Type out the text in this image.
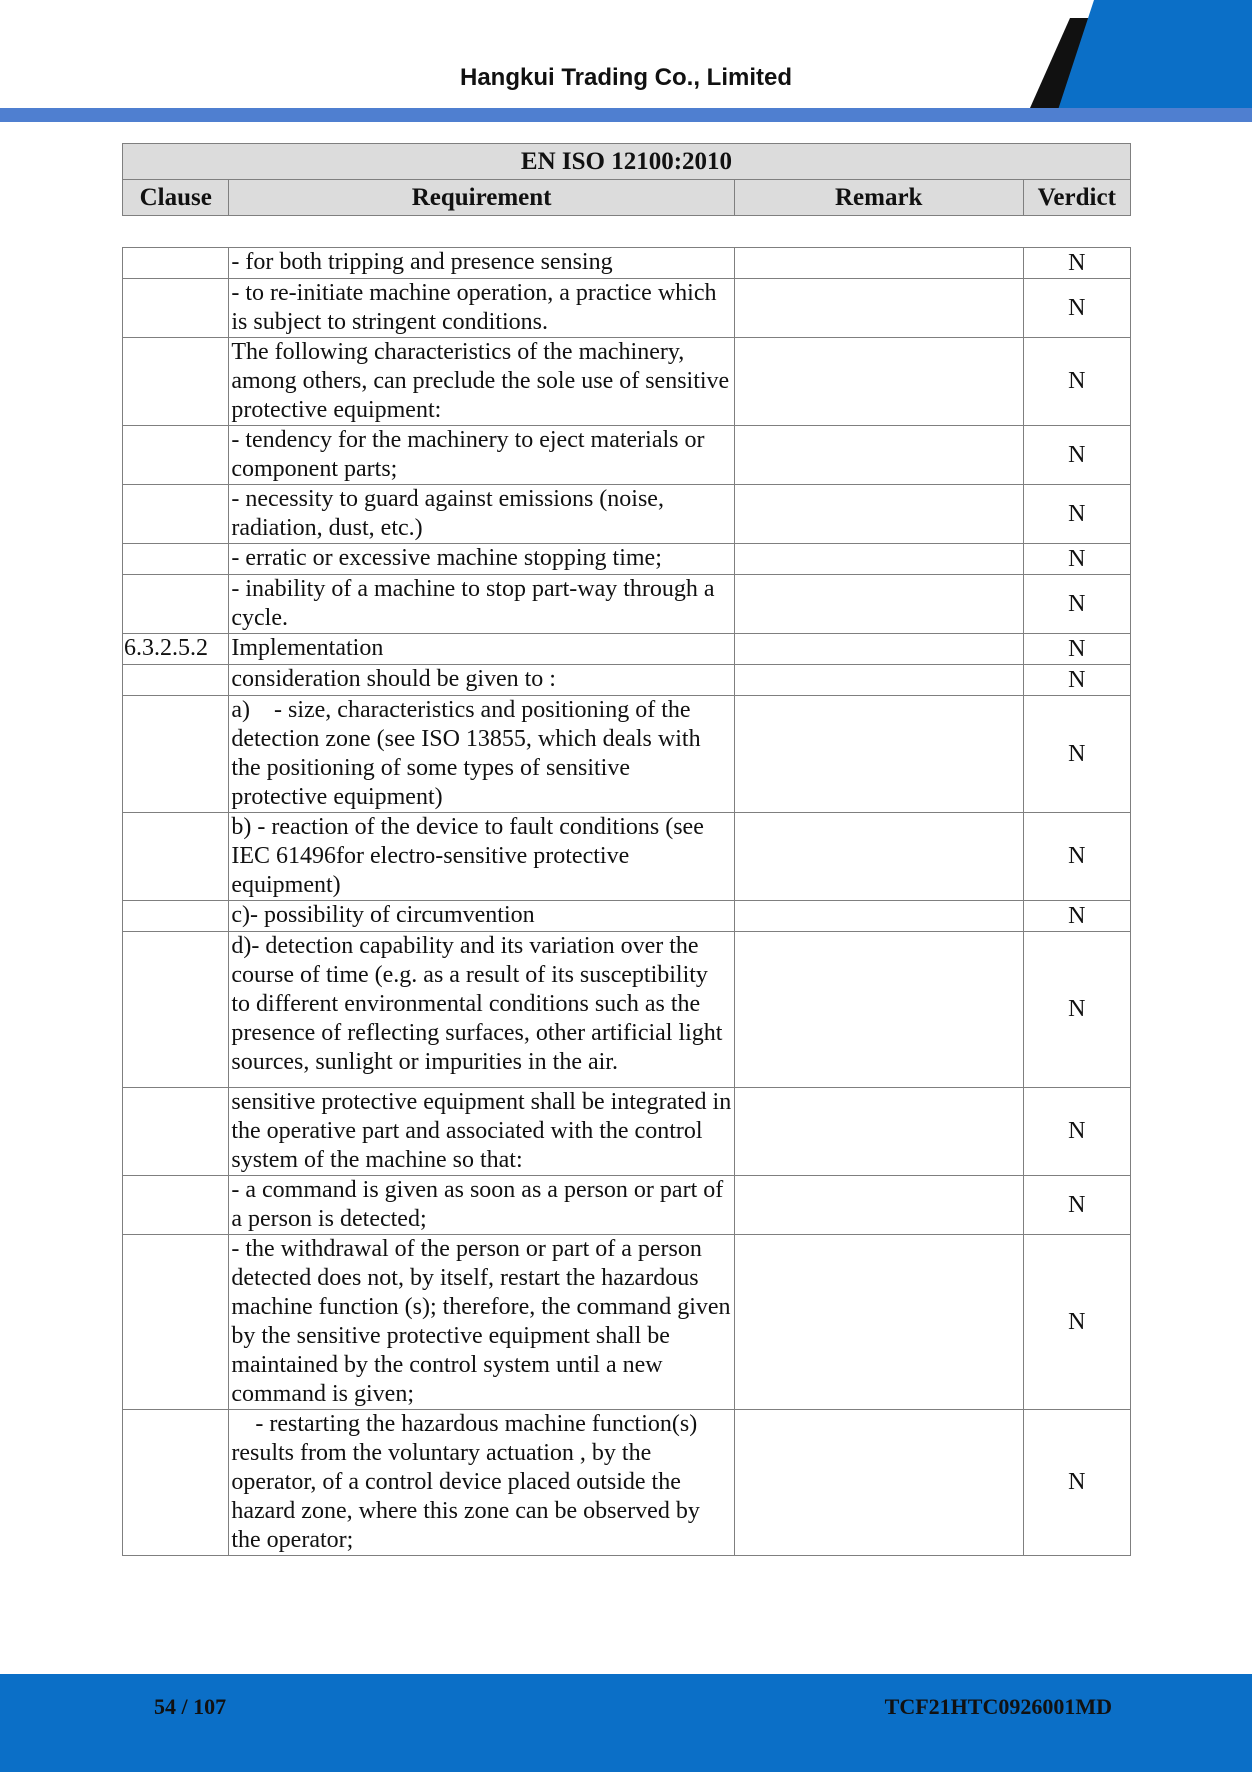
Hangkui Trading Co., Limited
EN ISO 12100:2010
Clause	Requirement	Remark	Verdict
	- for both tripping and presence sensing		N
	- to re-initiate machine operation, a practice which is subject to stringent conditions.		N
	The following characteristics of the machinery, among others, can preclude the sole use of sensitive protective equipment:		N
	- tendency for the machinery to eject materials or component parts;		N
	- necessity to guard against emissions (noise, radiation, dust, etc.)		N
	- erratic or excessive machine stopping time;		N
	- inability of a machine to stop part-way through a cycle.		N
6.3.2.5.2	Implementation		N
	consideration should be given to :		N
	a)    - size, characteristics and positioning of the detection zone (see ISO 13855, which deals with the positioning of some types of sensitive protective equipment)		N
	b) - reaction of the device to fault conditions (see IEC 61496for electro-sensitive protective equipment)		N
	c)- possibility of circumvention		N
	d)- detection capability and its variation over the course of time (e.g. as a result of its susceptibility to different environmental conditions such as the presence of reflecting surfaces, other artificial light sources, sunlight or impurities in the air.		N
	sensitive protective equipment shall be integrated in the operative part and associated with the control system of the machine so that:		N
	- a command is given as soon as a person or part of a person is detected;		N
	- the withdrawal of the person or part of a person detected does not, by itself, restart the hazardous machine function (s); therefore, the command given by the sensitive protective equipment shall be maintained by the control system until a new command is given;		N
	- restarting the hazardous machine function(s) results from the voluntary actuation , by the operator, of a control device placed outside the hazard zone, where this zone can be observed by the operator;		N
54 / 107	TCF21HTC0926001MD
